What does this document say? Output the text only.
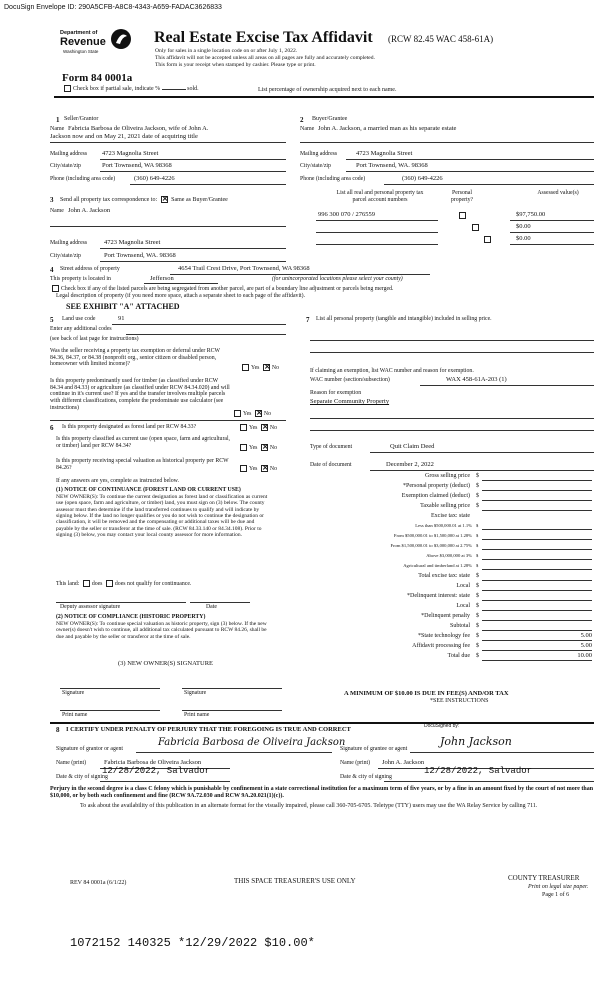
DocuSign Envelope ID: 290A5CFB-A8C8-4343-A659-FADAC3626833
Department of
Revenue
Washington State
Real Estate Excise Tax Affidavit (RCW 82.45 WAC 458-61A)
Only for sales in a single location code on or after July 1, 2022.
This affidavit will not be accepted unless all areas on all pages are fully and accurately completed.
This form is your receipt when stamped by cashier. Please type or print.
Form 84 0001a
Check box if partial sale, indicate %	sold.	List percentage of ownership acquired next to each name.
1 Seller/Grantor
Name Fabricia Barbosa de Oliveira Jackson, wife of John A.
Jackson now and on May 21, 2021 date of acquiring title
Mailing address 4723 Magnolia Street
City/state/zip	Port Townsend, WA 98368
Phone (including area code)	(360) 649-4226
2 Buyer/Grantee
Name John A. Jackson, a married man as his separate estate
Mailing address	4723 Magnolia Street
City/state/zip	Port Townsend, WA. 98368
Phone (including area code)	(360) 649-4226
3 Send all property tax correspondence to: × Same as Buyer/Grantee
Name John A. Jackson
Mailing address	4723 Magnolia Street
City/state/zip	Port Townsend, WA. 98368
List all real and personal property tax
parcel account numbers
Personal property?
Assessed value(s)
996 300 070 / 276559
	$97,750.00

$0.00
$0.00
4 Street address of property	4654 Trail Crest Drive, Port Townsend, WA 98368
This property is located in	Jefferson	(for unincorporated locations please select your county)
Check box if any of the listed parcels are being segregated from another parcel, are part of a boundary line adjustment or parcels being merged.
Legal description of property (if you need more space, attach a separate sheet to each page of the affidavit).
SEE EXHIBIT "A" ATTACHED
5 Land use code	91
Enter any additional codes
(see back of last page for instructions)
Was the seller receiving a property tax exemption or deferral under RCW 84.36, 84.37, or 84.38 (nonprofit org., senior citizen or disabled person, homeowner with limited income)?
Yes × No
Is this property predominantly used for timber (as classified under RCW 84.34 and 84.33) or agriculture (as classified under RCW 84.34.020) and will continue in it's current use? If yes and the transfer involves multiple parcels with different classifications, complete the predominate use calculator (see instructions)
Yes × No
6 Is this property designated as forest land per RCW 84.33?	Yes × No
Is this property classified as current use (open space, farm and agricultural, or timber) land per RCW 84.34?	Yes × No
Is this property receiving special valuation as historical property per RCW 84.26?	Yes × No
If any answers are yes, complete as instructed below.
(1) NOTICE OF CONTINUANCE (FOREST LAND OR CURRENT USE)
NEW OWNER(S): To continue the current designation as forest land or classification as current use (open space, farm and agriculture, or timber) land, you must sign on (3) below. The county assessor must then determine if the land transferred continues to qualify and will indicate by signing below. If the land no longer qualifies or you do not wish to continue the designation or classification, it will be removed and the compensating or additional taxes will be due and payable by the seller or transferor at the time of sale. (RCW 84.33.140 or 84.34.108). Prior to signing (3) below, you may contact your local county assessor for more information.
This land: does does not qualify for continuance.
Deputy assessor signature	Date
(2) NOTICE OF COMPLIANCE (HISTORIC PROPERTY)
NEW OWNER(S): To continue special valuation as historic property, sign (3) below. If the new owner(s) doesn't wish to continue, all additional tax calculated pursuant to RCW 84.26, shall be due and payable by the seller or transferor at the time of sale.
(3) NEW OWNER(S) SIGNATURE
Signature	Signature
Print name	Print name
7 List all personal property (tangible and intangible) included in selling price.
If claiming an exemption, list WAC number and reason for exemption.
WAC number (section/subsection)	WAX 458-61A-203 (1)
Reason for exemption
Separate Community Property
Type of document	Quit Claim Deed
Date of document	December 2, 2022
Gross selling price $
*Personal property (deduct) $
Exemption claimed (deduct) $
Taxable selling price $
Excise tax: state
Less than $500,000.01 at 1.1% $
From $500,000.01 to $1,500,000 at 1.28% $
From $1,500,000.01 to $3,000,000 at 2.75% $
Above $3,000,000 at 3% $
Agricultural and timberland at 1.28% $
Total excise tax: state $
Local $
*Delinquent interest: state $
Local $
*Delinquent penalty $
Subtotal $
*State technology fee $	5.00
Affidavit processing fee $	5.00
Total due $	10.00
A MINIMUM OF $10.00 IS DUE IN FEE(S) AND/OR TAX
*SEE INSTRUCTIONS
8 I CERTIFY UNDER PENALTY OF PERJURY THAT THE FOREGOING IS TRUE AND CORRECT	DocuSigned by:
Signature of grantor or agent
Fabricia Barbosa de Oliveira Jackson
Name (print)	Fabricia Barbosa de Oliveira Jackson
Date & city of signing
12/28/2022, Salvador
Signature of grantee or agent
John Jackson
Name (print) John A. Jackson
Date & city of signing
12/28/2022, Salvador
Perjury in the second degree is a class C felony which is punishable by confinement in a state correctional institution for a maximum term of five years, or by a fine in an amount fixed by the court of not more than $10,000, or by both such confinement and fine (RCW 9A.72.030 and RCW 9A.20.021(1)(c)).
To ask about the availability of this publication in an alternate format for the visually impaired, please call 360-705-6705. Teletype (TTY) users may use the WA Relay Service by calling 711.
REV 84 0001a (6/1/22)	THIS SPACE TREASURER'S USE ONLY	COUNTY TREASURER
Print on legal size paper.
Page 1 of 6
1072152 140325 *12/29/2022 $10.00*
